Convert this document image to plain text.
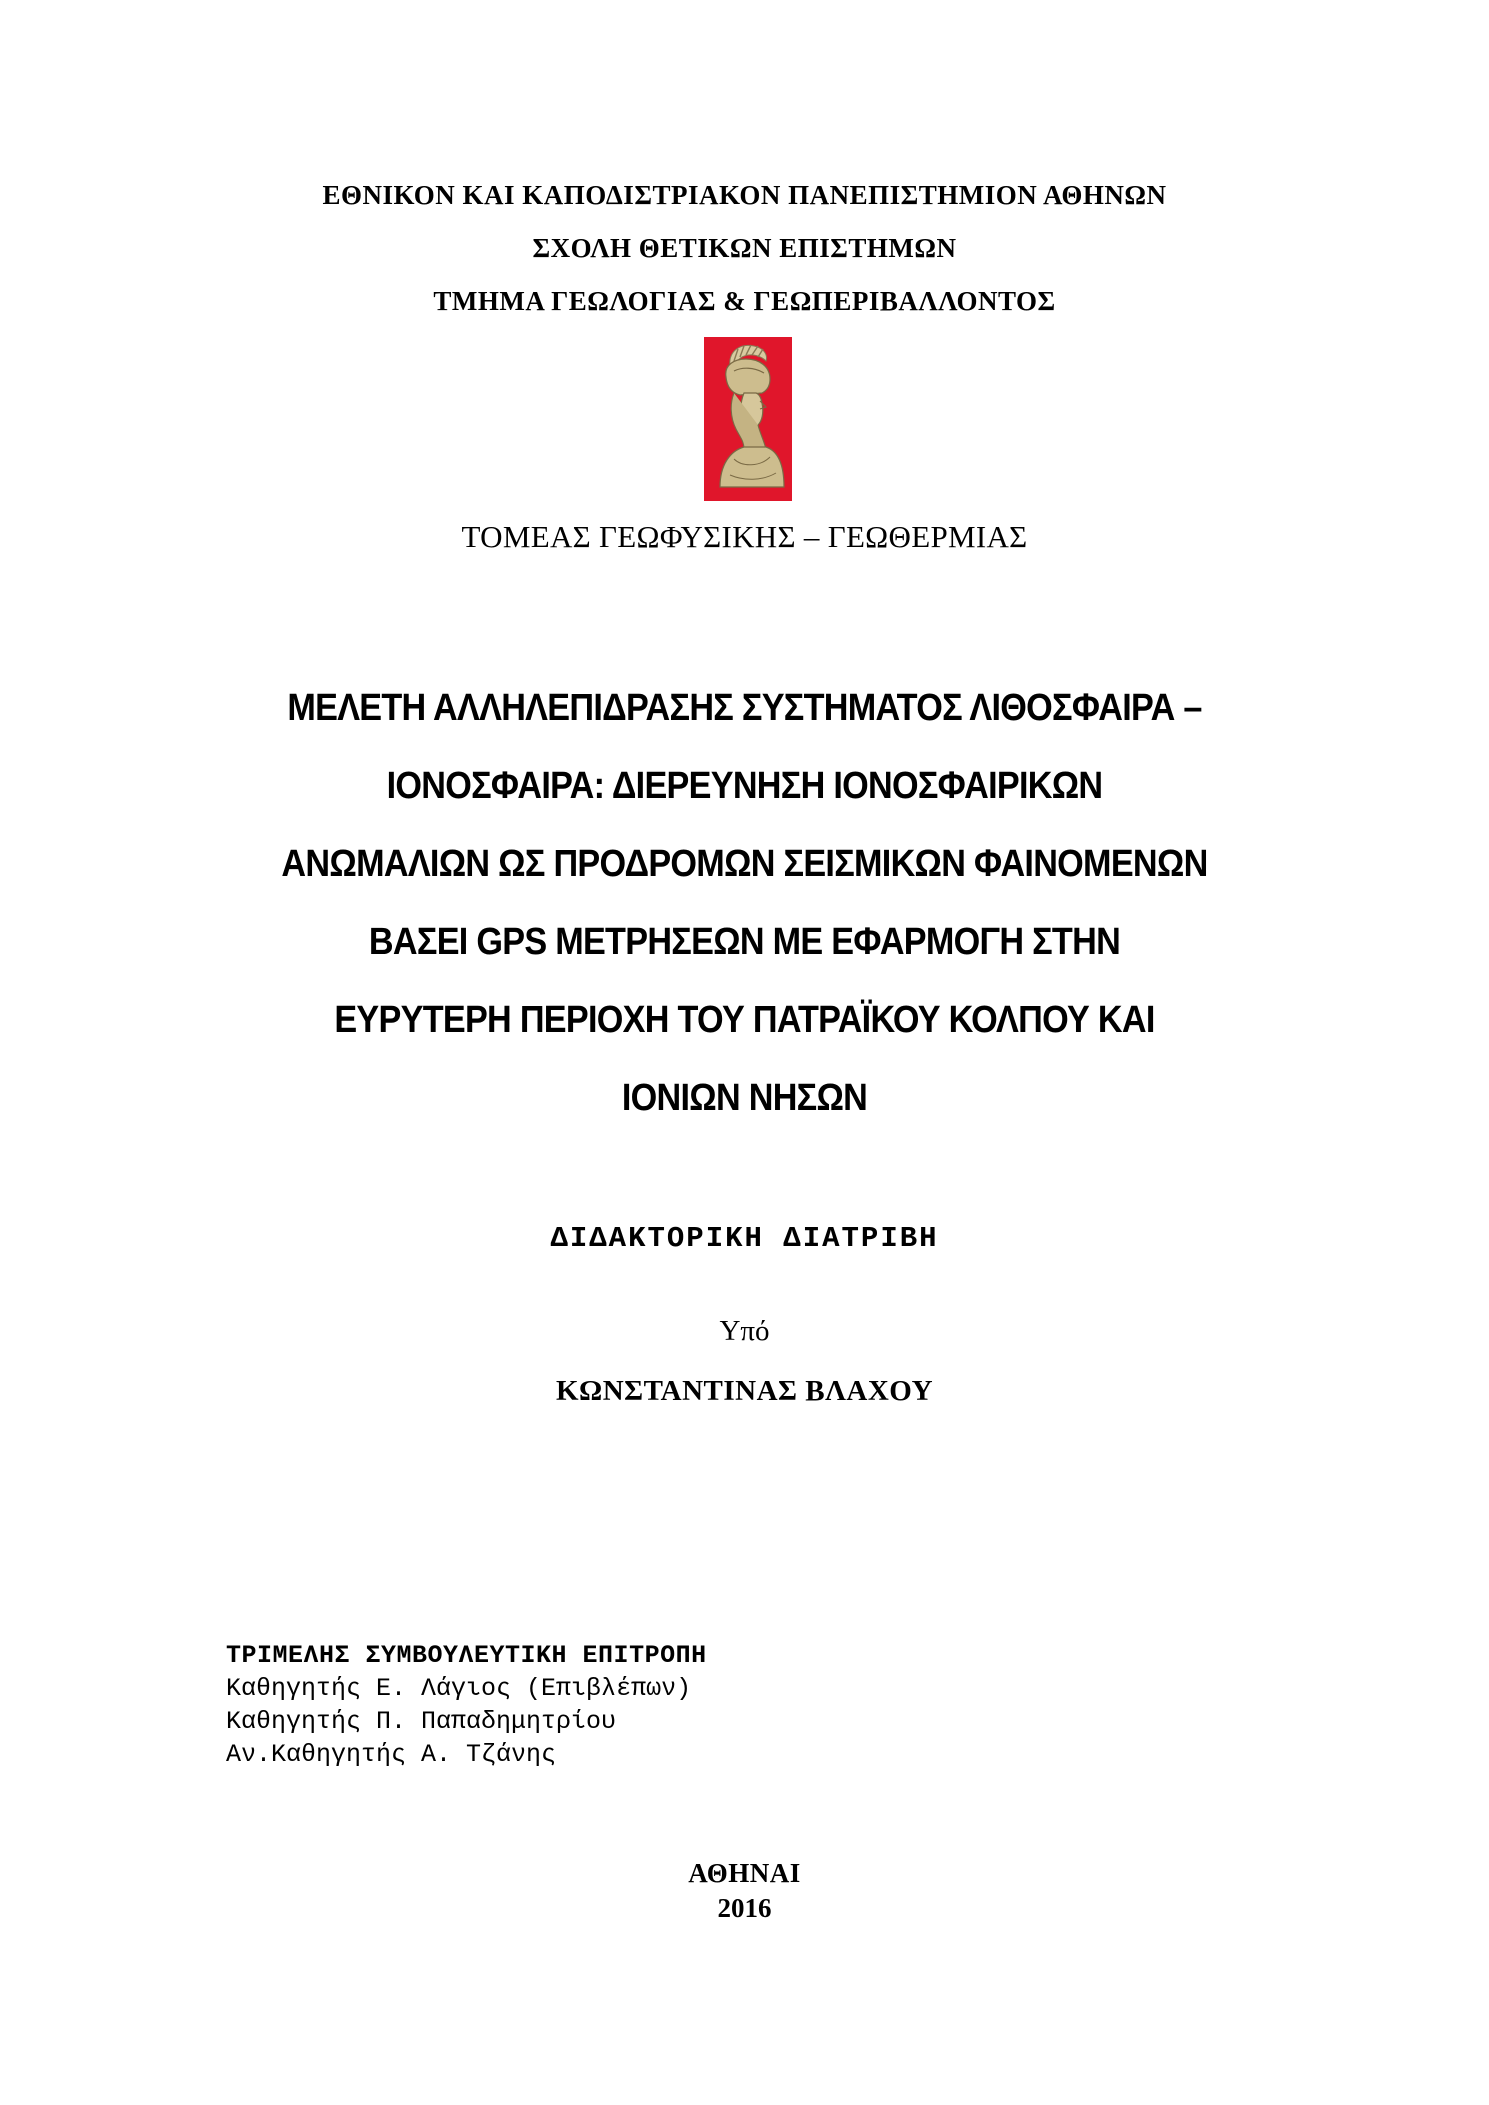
ΕΘΝΙΚΟΝ ΚΑΙ ΚΑΠΟΔΙΣΤΡΙΑΚΟΝ ΠΑΝΕΠΙΣΤΗΜΙΟΝ ΑΘΗΝΩΝ
ΣΧΟΛΗ ΘΕΤΙΚΩΝ ΕΠΙΣΤΗΜΩΝ
ΤΜΗΜΑ ΓΕΩΛΟΓΙΑΣ & ΓΕΩΠΕΡΙΒΑΛΛΟΝΤΟΣ
ΤΟΜΕΑΣ ΓΕΩΦΥΣΙΚΗΣ – ΓΕΩΘΕΡΜΙΑΣ
ΜΕΛΕΤΗ ΑΛΛΗΛΕΠΙΔΡΑΣΗΣ ΣΥΣΤΗΜΑΤΟΣ ΛΙΘΟΣΦΑΙΡΑ –
ΙΟΝΟΣΦΑΙΡΑ: ΔΙΕΡΕΥΝΗΣΗ ΙΟΝΟΣΦΑΙΡΙΚΩΝ
ΑΝΩΜΑΛΙΩΝ ΩΣ ΠΡΟΔΡΟΜΩΝ ΣΕΙΣΜΙΚΩΝ ΦΑΙΝΟΜΕΝΩΝ
ΒΑΣΕΙ GPS ΜΕΤΡΗΣΕΩΝ ΜΕ ΕΦΑΡΜΟΓΗ ΣΤΗΝ
ΕΥΡΥΤΕΡΗ ΠΕΡΙΟΧΗ ΤΟΥ ΠΑΤΡΑΪΚΟΥ ΚΟΛΠΟΥ ΚΑΙ
ΙΟΝΙΩΝ ΝΗΣΩΝ
ΔΙΔΑΚΤΟΡΙΚΗ ΔΙΑΤΡΙΒΗ
Υπό
ΚΩΝΣΤΑΝΤΙΝΑΣ ΒΛΑΧΟΥ
ΤΡΙΜΕΛΗΣ ΣΥΜΒΟΥΛΕΥΤΙΚΗ ΕΠΙΤΡΟΠΗ
Καθηγητής Ε. Λάγιος (Επιβλέπων)
Καθηγητής Π. Παπαδημητρίου
Αν.Καθηγητής Α. Τζάνης
ΑΘΗΝΑΙ
2016
